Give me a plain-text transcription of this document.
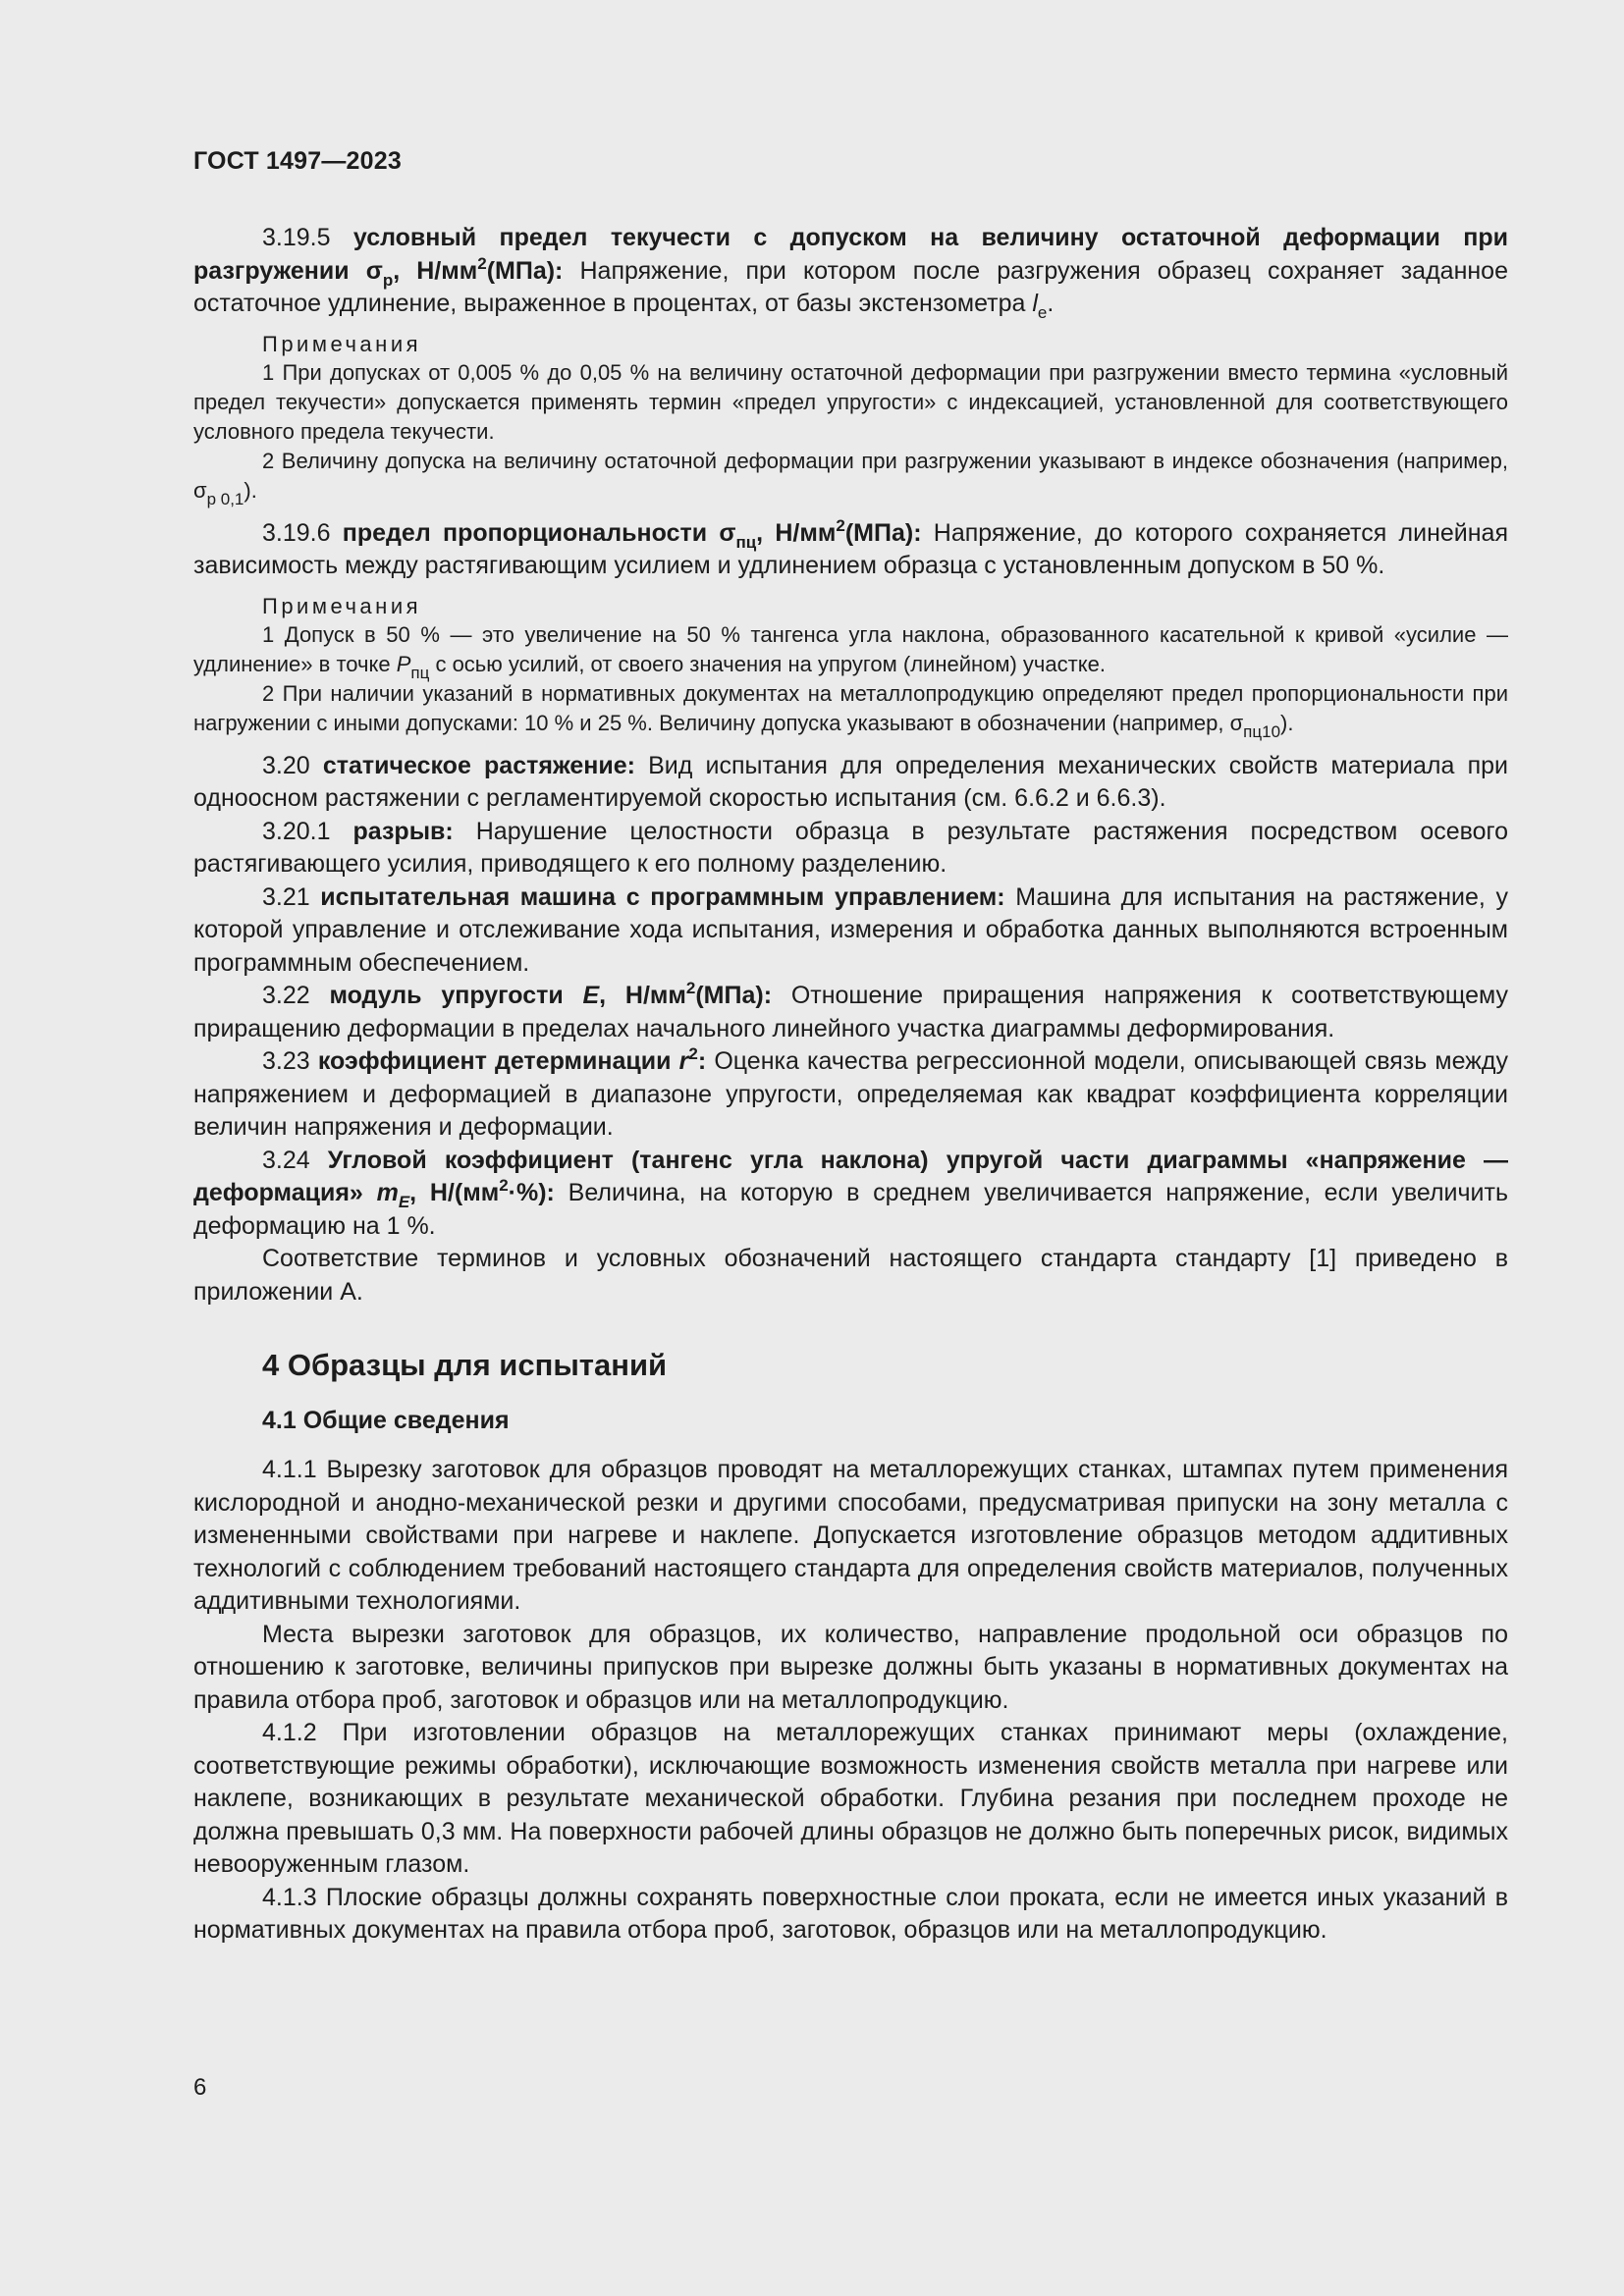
ГОСТ 1497—2023

3.19.5 условный предел текучести с допуском на величину остаточной деформации при разгружении $\sigma_р$, $Н/мм^2(МПа)$: Напряжение, при котором после разгружения образец сохраняет заданное остаточное удлинение, выраженное в процентах, от базы экстензометра $l_e$.

Примечания

1 При допусках от 0,005 % до 0,05 % на величину остаточной деформации при разгружении вместо термина «условный предел текучести» допускается применять термин «предел упругости» с индексацией, установленной для соответствующего условного предела текучести.

2 Величину допуска на величину остаточной деформации при разгружении указывают в индексе обозначения (например, $\sigma_{р 0,1}$).

3.19.6 предел пропорциональности $\sigma_{пц}$, $Н/мм^2(МПа)$: Напряжение, до которого сохраняется линейная зависимость между растягивающим усилием и удлинением образца с установленным допуском в 50 %.

Примечания

1 Допуск в 50 % — это увеличение на 50 % тангенса угла наклона, образованного касательной к кривой «усилие — удлинение» в точке $P_{пц}$ с осью усилий, от своего значения на упругом (линейном) участке.

2 При наличии указаний в нормативных документах на металлопродукцию определяют предел пропорциональности при нагружении с иными допусками: 10 % и 25 %. Величину допуска указывают в обозначении (например, $\sigma_{пц10}$).

3.20 статическое растяжение: Вид испытания для определения механических свойств материала при одноосном растяжении с регламентируемой скоростью испытания (см. 6.6.2 и 6.6.3).

3.20.1 разрыв: Нарушение целостности образца в результате растяжения посредством осевого растягивающего усилия, приводящего к его полному разделению.

3.21 испытательная машина с программным управлением: Машина для испытания на растяжение, у которой управление и отслеживание хода испытания, измерения и обработка данных выполняются встроенным программным обеспечением.

3.22 модуль упругости E, $Н/мм^2(МПа)$: Отношение приращения напряжения к соответствующему приращению деформации в пределах начального линейного участка диаграммы деформирования.

3.23 коэффициент детерминации $r^2$: Оценка качества регрессионной модели, описывающей связь между напряжением и деформацией в диапазоне упругости, определяемая как квадрат коэффициента корреляции величин напряжения и деформации.

3.24 Угловой коэффициент (тангенс угла наклона) упругой части диаграммы «напряжение — деформация» $m_E$, $Н/(мм^2\cdot\%)$: Величина, на которую в среднем увеличивается напряжение, если увеличить деформацию на 1 %.

Соответствие терминов и условных обозначений настоящего стандарта стандарту [1] приведено в приложении А.

4 Образцы для испытаний
4.1 Общие сведения

4.1.1 Вырезку заготовок для образцов проводят на металлорежущих станках, штампах путем применения кислородной и анодно-механической резки и другими способами, предусматривая припуски на зону металла с измененными свойствами при нагреве и наклепе. Допускается изготовление образцов методом аддитивных технологий с соблюдением требований настоящего стандарта для определения свойств материалов, полученных аддитивными технологиями.

Места вырезки заготовок для образцов, их количество, направление продольной оси образцов по отношению к заготовке, величины припусков при вырезке должны быть указаны в нормативных документах на правила отбора проб, заготовок и образцов или на металлопродукцию.

4.1.2 При изготовлении образцов на металлорежущих станках принимают меры (охлаждение, соответствующие режимы обработки), исключающие возможность изменения свойств металла при нагреве или наклепе, возникающих в результате механической обработки. Глубина резания при последнем проходе не должна превышать 0,3 мм. На поверхности рабочей длины образцов не должно быть поперечных рисок, видимых невооруженным глазом.

4.1.3 Плоские образцы должны сохранять поверхностные слои проката, если не имеется иных указаний в нормативных документах на правила отбора проб, заготовок, образцов или на металлопродукцию.

6
